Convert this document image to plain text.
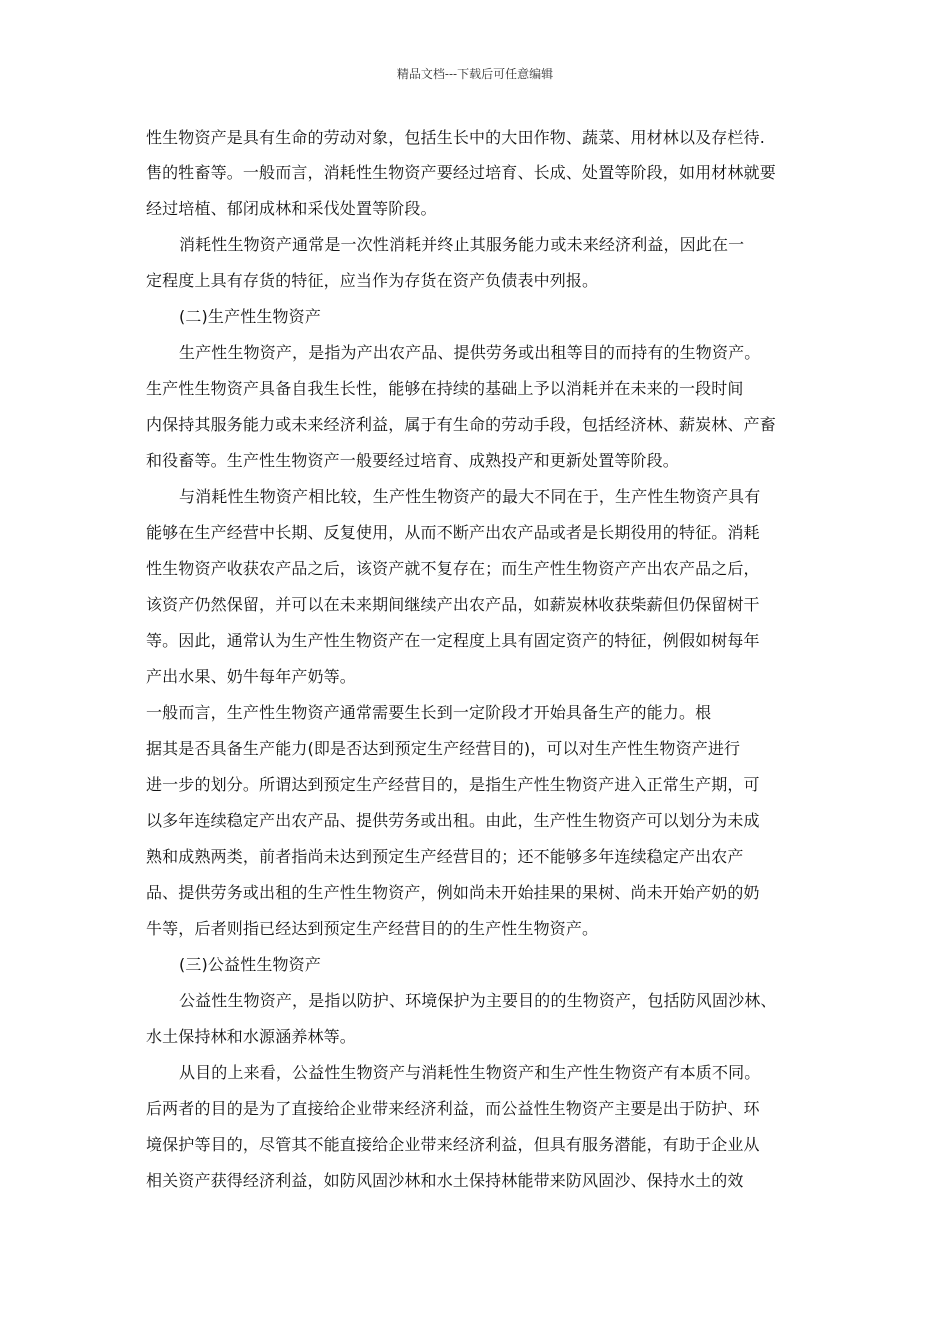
精品文档---下载后可任意编辑
性生物资产是具有生命的劳动对象，包括生长中的大田作物、蔬菜、用材林以及存栏待.
售的牲畜等。一般而言，消耗性生物资产要经过培育、长成、处置等阶段，如用材林就要
经过培植、郁闭成林和采伐处置等阶段。
消耗性生物资产通常是一次性消耗并终止其服务能力或未来经济利益，因此在一
定程度上具有存货的特征，应当作为存货在资产负债表中列报。
(二)生产性生物资产
生产性生物资产，是指为产出农产品、提供劳务或出租等目的而持有的生物资产。
生产性生物资产具备自我生长性，能够在持续的基础上予以消耗并在未来的一段时间
内保持其服务能力或未来经济利益，属于有生命的劳动手段，包括经济林、薪炭林、产畜
和役畜等。生产性生物资产一般要经过培育、成熟投产和更新处置等阶段。
与消耗性生物资产相比较，生产性生物资产的最大不同在于，生产性生物资产具有
能够在生产经营中长期、反复使用，从而不断产出农产品或者是长期役用的特征。消耗
性生物资产收获农产品之后，该资产就不复存在；而生产性生物资产产出农产品之后，
该资产仍然保留，并可以在未来期间继续产出农产品，如薪炭林收获柴薪但仍保留树干
等。因此，通常认为生产性生物资产在一定程度上具有固定资产的特征，例假如树每年
产出水果、奶牛每年产奶等。
一般而言，生产性生物资产通常需要生长到一定阶段才开始具备生产的能力。根
据其是否具备生产能力(即是否达到预定生产经营目的)，可以对生产性生物资产进行
进一步的划分。所谓达到预定生产经营目的，是指生产性生物资产进入正常生产期，可
以多年连续稳定产出农产品、提供劳务或出租。由此，生产性生物资产可以划分为未成
熟和成熟两类，前者指尚未达到预定生产经营目的；还不能够多年连续稳定产出农产
品、提供劳务或出租的生产性生物资产，例如尚未开始挂果的果树、尚未开始产奶的奶
牛等，后者则指已经达到预定生产经营目的的生产性生物资产。
(三)公益性生物资产
公益性生物资产，是指以防护、环境保护为主要目的的生物资产，包括防风固沙林、
水土保持林和水源涵养林等。
从目的上来看，公益性生物资产与消耗性生物资产和生产性生物资产有本质不同。
后两者的目的是为了直接给企业带来经济利益，而公益性生物资产主要是出于防护、环
境保护等目的，尽管其不能直接给企业带来经济利益，但具有服务潜能，有助于企业从
相关资产获得经济利益，如防风固沙林和水土保持林能带来防风固沙、保持水土的效
